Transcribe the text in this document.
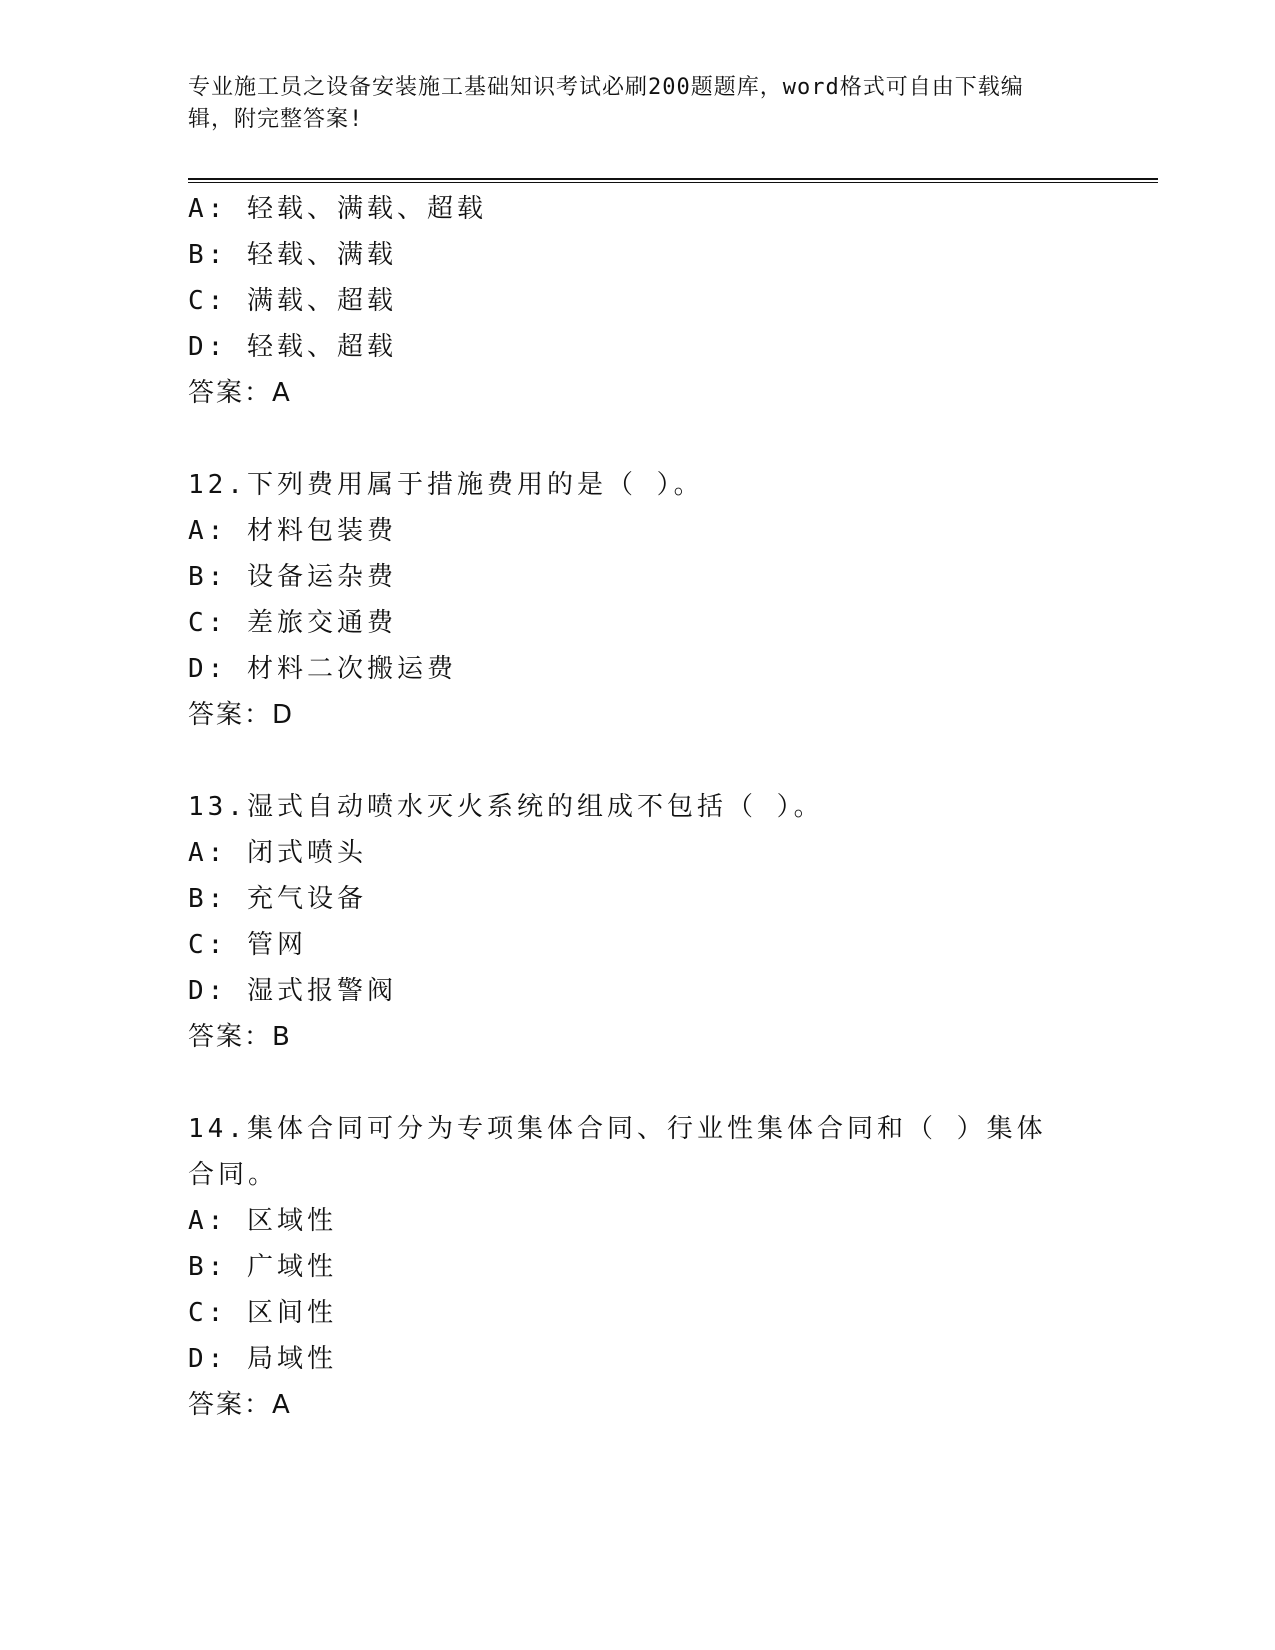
专业施工员之设备安装施工基础知识考试必刷200题题库，word格式可自由下载编辑，附完整答案!
A: 轻载、满载、超载
B: 轻载、满载
C: 满载、超载
D: 轻载、超载
答案：A
12.下列费用属于措施费用的是（ ）。
A: 材料包装费
B: 设备运杂费
C: 差旅交通费
D: 材料二次搬运费
答案：D
13.湿式自动喷水灭火系统的组成不包括（ ）。
A: 闭式喷头
B: 充气设备
C: 管网
D: 湿式报警阀
答案：B
14.集体合同可分为专项集体合同、行业性集体合同和（ ）集体合同。
A: 区域性
B: 广域性
C: 区间性
D: 局域性
答案：A
